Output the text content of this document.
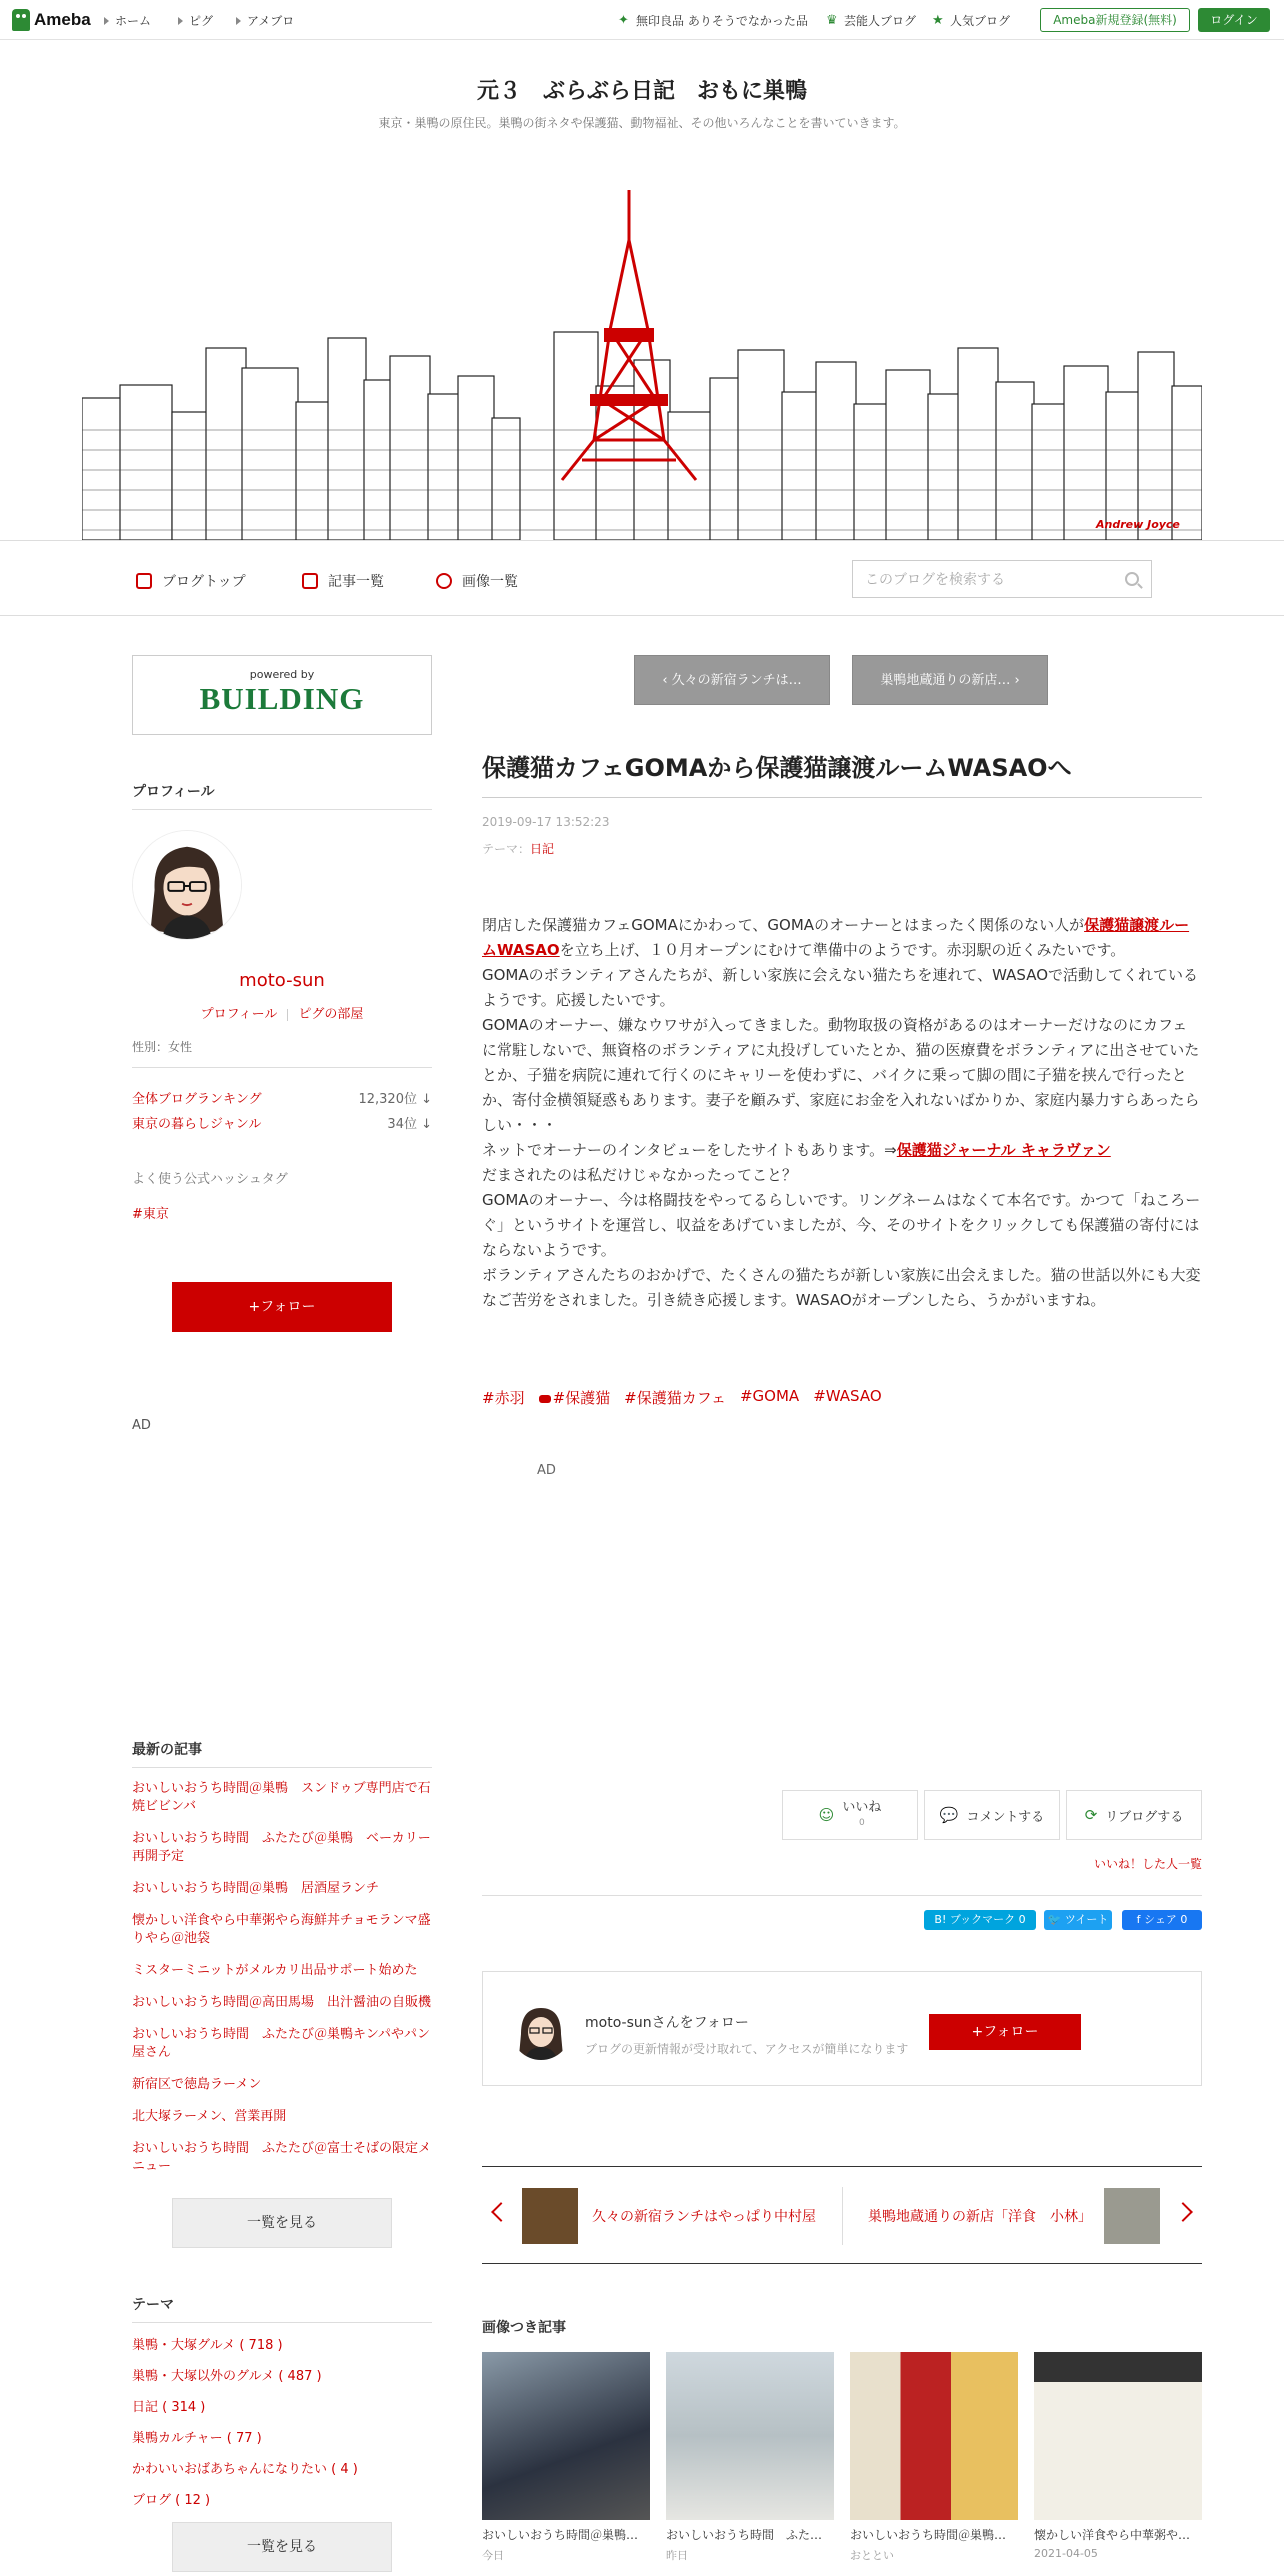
Ameba ホーム	ピグ	アメブロ	✦ 無印良品 ありそうでなかった品 ♛ 芸能人ブログ ★ 人気ブログ	Ameba新規登録(無料)	ログイン
元３　ぶらぶら日記　おもに巣鴨
東京・巣鴨の原住民。巣鴨の街ネタや保護猫、動物福祉、その他いろんなことを書いていきます。
Andrew Joyce
ブログトップ	記事一覧	画像一覧	このブログを検索する
powered by
BUILDING
プロフィール
moto-sun
プロフィール ピグの部屋
性別：女性
全体ブログランキング	12,320位 ↓
東京の暮らしジャンル	34位 ↓
よく使う公式ハッシュタグ
#東京
+フォロー
AD
最新の記事
おいしいおうち時間＠巣鴨　スンドゥブ専門店で石焼ビビンバ
おいしいおうち時間　ふたたび＠巣鴨　ベーカリー再開予定
おいしいおうち時間＠巣鴨　居酒屋ランチ
懐かしい洋食やら中華粥やら海鮮丼チョモランマ盛りやら＠池袋
ミスターミニットがメルカリ出品サポート始めた
おいしいおうち時間＠高田馬場　出汁醤油の自販機
おいしいおうち時間　ふたたび＠巣鴨キンパやパン屋さん
新宿区で徳島ラーメン
北大塚ラーメン、営業再開
おいしいおうち時間　ふたたび＠富士そばの限定メニュー
一覧を見る
テーマ
巣鴨・大塚グルメ ( 718 )
巣鴨・大塚以外のグルメ ( 487 )
日記 ( 314 )
巣鴨カルチャー ( 77 )
かわいいおばあちゃんになりたい ( 4 )
ブログ ( 12 )
一覧を見る
‹ 久々の新宿ランチは…	巣鴨地蔵通りの新店… ›
保護猫カフェGOMAから保護猫譲渡ルームWASAOへ
2019-09-17 13:52:23
テーマ：日記

閉店した保護猫カフェGOMAにかわって、GOMAのオーナーとはまったく関係のない人が保護猫譲渡ルームWASAOを立ち上げ、１０月オープンにむけて準備中のようです。赤羽駅の近くみたいです。

GOMAのボランティアさんたちが、新しい家族に会えない猫たちを連れて、WASAOで活動してくれているようです。応援したいです。

GOMAのオーナー、嫌なウワサが入ってきました。動物取扱の資格があるのはオーナーだけなのにカフェに常駐しないで、無資格のボランティアに丸投げしていたとか、猫の医療費をボランティアに出させていたとか、子猫を病院に連れて行くのにキャリーを使わずに、バイクに乗って脚の間に子猫を挟んで行ったとか、寄付金横領疑惑もあります。妻子を顧みず、家庭にお金を入れないばかりか、家庭内暴力すらあったらしい・・・

ネットでオーナーのインタビューをしたサイトもあります。⇒保護猫ジャーナル キャラヴァン

だまされたのは私だけじゃなかったってこと？

GOMAのオーナー、今は格闘技をやってるらしいです。リングネームはなくて本名です。かつて「ねころーぐ」というサイトを運営し、収益をあげていましたが、今、そのサイトをクリックしても保護猫の寄付にはならないようです。

ボランティアさんたちのおかげで、たくさんの猫たちが新しい家族に出会えました。猫の世話以外にも大変なご苦労をされました。引き続き応援します。WASAOがオープンしたら、うかがいますね。

#赤羽	#保護猫 #保護猫カフェ #GOMA #WASAO
AD
☺ いいね
0	💬 コメントする	⟳ リブログする
いいね！した人一覧
B! ブックマーク 0	🐦 ツイート	f シェア 0
moto-sunさんをフォロー
ブログの更新情報が受け取れて、アクセスが簡単になります
+フォロー
久々の新宿ランチはやっぱり中村屋	巣鴨地蔵通りの新店「洋食　小林」
画像つき記事
おいしいおうち時間＠巣鴨…
今日
おいしいおうち時間　ふた…
昨日
おいしいおうち時間＠巣鴨…
おととい
懐かしい洋食やら中華粥や…
2021-04-05
